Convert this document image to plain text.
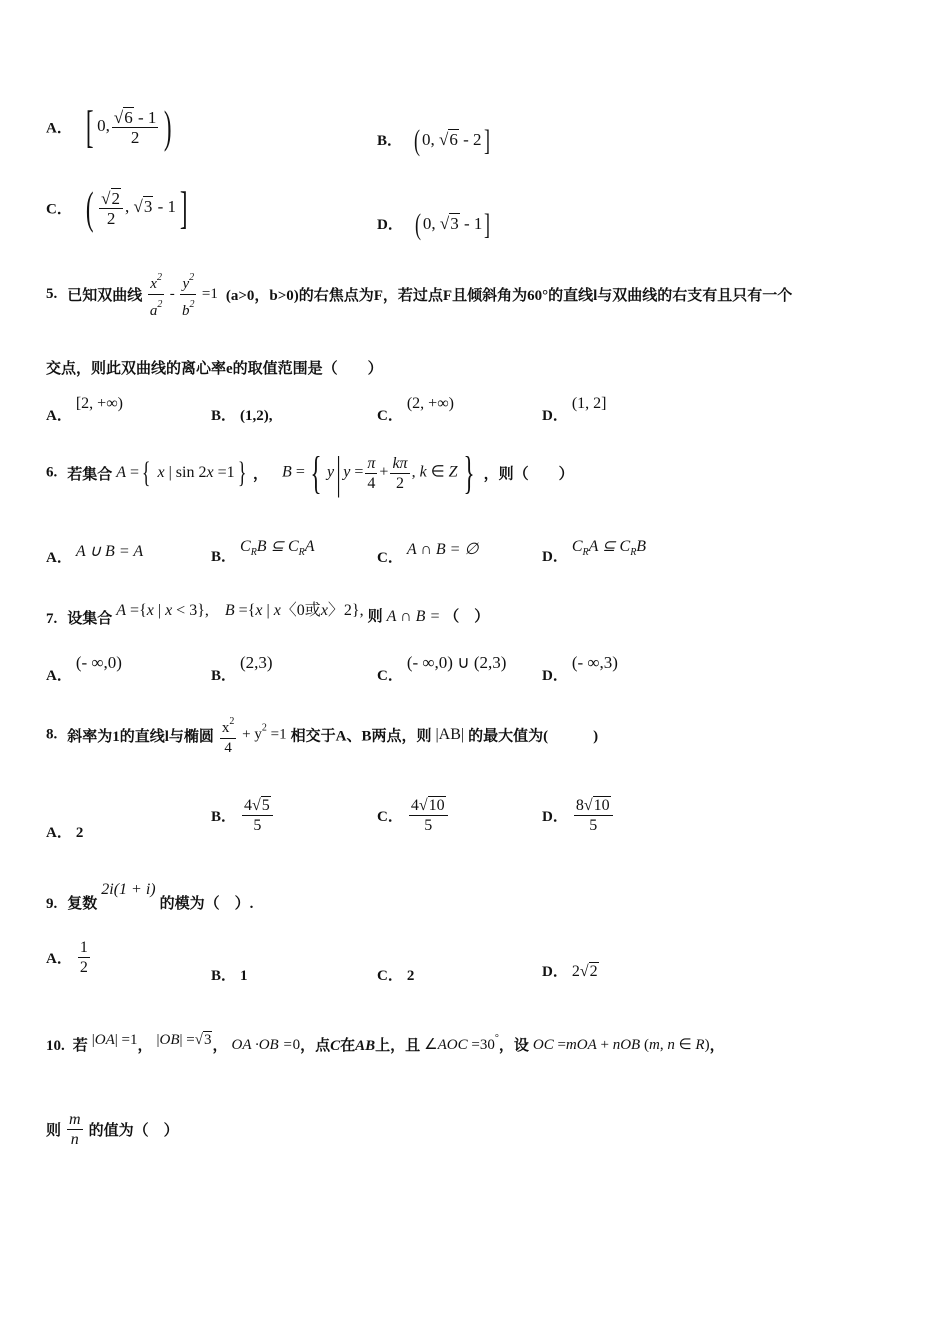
A． [ 0, $\frac{√6 - 1}{2}$ )	B． ( 0, √6 - 2]
C． ( $\frac{√2}{2}$ , √3 - 1]	D． ( 0, √3 - 1]
5. 已知双曲线 $\frac{x^2}{a^2} - \frac{y^2}{b^2} =1$ (a>0，b>0)的右焦点为F，若过点F且倾斜角为60°的直线l与双曲线的右支有且只有一个
交点，则此双曲线的离心率e的取值范围是（　　）
A． [2, +∞)
B． (1,2),	C． (2, +∞)
D． (1, 2]
6. 若集合 A ={ x | sin 2x =1} ， B = { y| $y = \frac{\pi}{4} + \frac{k\pi}{2}$ , k ∈ Z } ，则（　　）
A． A ∪ B = A	B． $C_RB$ ⊆ $C_RA$
C． A ∩ B = ∅	D． $C_RA$ ⊆ $C_RB$
7. 设集合 A ={x | x < 3},　B ={x | x〈0或x〉2}, 则 A ∩ B = （　）
A． (- ∞,0)
B． (2,3)
C． (- ∞,0) ∪ (2,3)
D． (- ∞,3)
8. 斜率为1的直线l与椭圆 $\frac{x^2}{4} + y^2 =1$ 相交于A、B两点，则 |AB| 的最大值为(　　　)
A． 2
B． $\frac{4√5}{5}$	C． $\frac{4√10}{5}$	D． $\frac{8√10}{5}$
9. 复数 2i(1 + i) 的模为（　）.
A． $\frac{1}{2}$	B． 1	C． 2	D． 2√2
10. 若 |OA| =1， |OB| =√3， OA ·OB =0，点C在AB上，且 ∠AOC =30°，设 OC =mOA + nOB (m, n ∈ R)，
则 $\frac{m}{n}$ 的值为（　）
